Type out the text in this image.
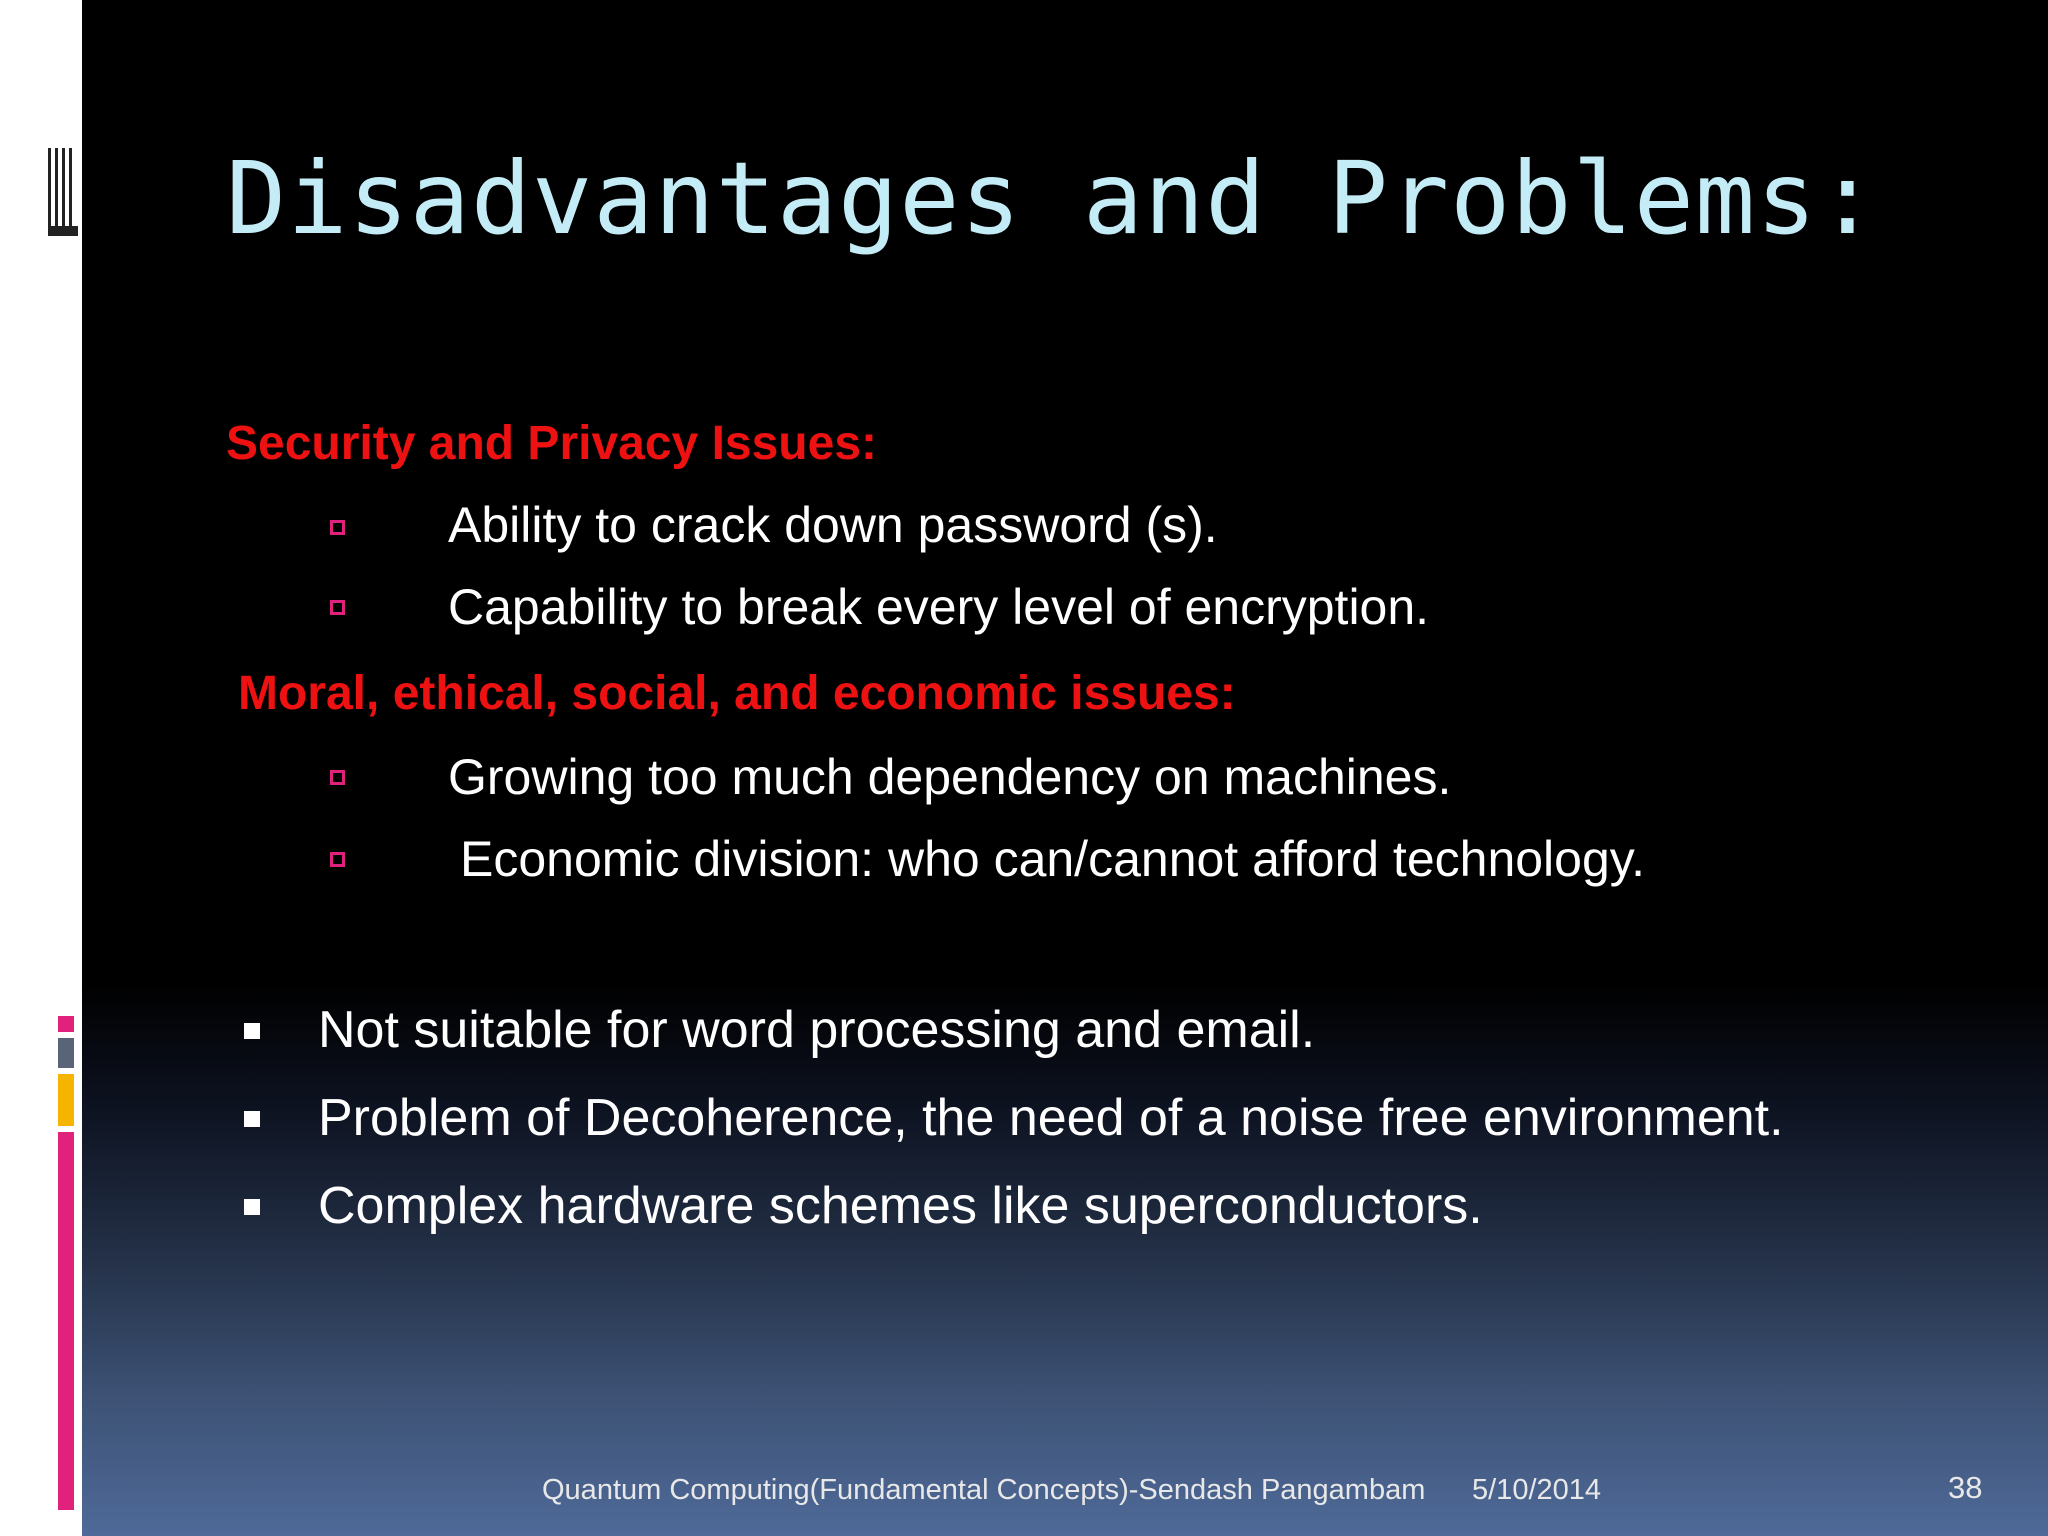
Disadvantages and Problems:
Security and Privacy Issues:
Ability to crack down password (s).
Capability to break every level of encryption.
Moral, ethical, social, and economic issues:
Growing too much dependency on machines.
Economic division: who can/cannot afford technology.
Not suitable for word processing and email.
Problem of Decoherence, the need of a noise free environment.
Complex hardware schemes like superconductors.
Quantum Computing(Fundamental Concepts)-Sendash Pangambam 5/10/2014	38
